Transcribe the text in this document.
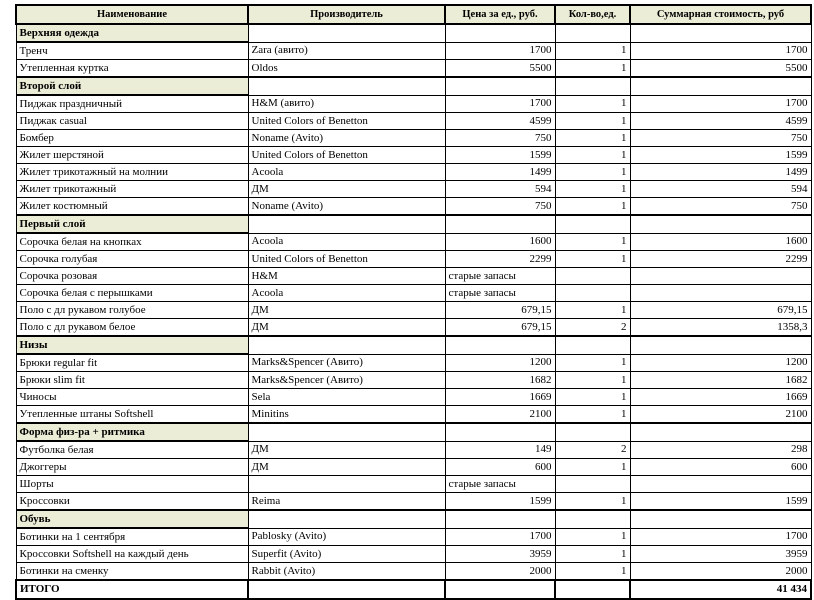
Наименование	Производитель	Цена за ед., руб.	Кол-во,ед.	Суммарная стоимость, руб
Верхняя одежда				
Тренч	Zara (авито)	1700	1	1700
Утепленная куртка	Oldos	5500	1	5500
Второй слой				
Пиджак праздничный	H&M (авито)	1700	1	1700
Пиджак casual	United Colors of Benetton	4599	1	4599
Бомбер	Noname (Avito)	750	1	750
Жилет шерстяной	United Colors of Benetton	1599	1	1599
Жилет трикотажный на молнии	Acoola	1499	1	1499
Жилет трикотажный	ДМ	594	1	594
Жилет костюмный	Noname (Avito)	750	1	750
Первый слой				
Сорочка белая на кнопках	Acoola	1600	1	1600
Сорочка голубая	United Colors of Benetton	2299	1	2299
Сорочка розовая	H&M	старые запасы		
Сорочка белая с перышками	Acoola	старые запасы		
Поло с дл рукавом голубое	ДМ	679,15	1	679,15
Поло с дл рукавом белое	ДМ	679,15	2	1358,3
Низы				
Брюки regular fit	Marks&Spencer (Авито)	1200	1	1200
Брюки slim fit	Marks&Spencer (Авито)	1682	1	1682
Чиносы	Sela	1669	1	1669
Утепленные штаны Softshell	Minitins	2100	1	2100
Форма физ-ра + ритмика				
Футболка белая	ДМ	149	2	298
Джоггеры	ДМ	600	1	600
Шорты		старые запасы		
Кроссовки	Reima	1599	1	1599
Обувь				
Ботинки на 1 сентября	Pablosky (Avito)	1700	1	1700
Кроссовки Softshell на каждый день	Superfit (Avito)	3959	1	3959
Ботинки на сменку	Rabbit (Avito)	2000	1	2000
ИТОГО				41 434
